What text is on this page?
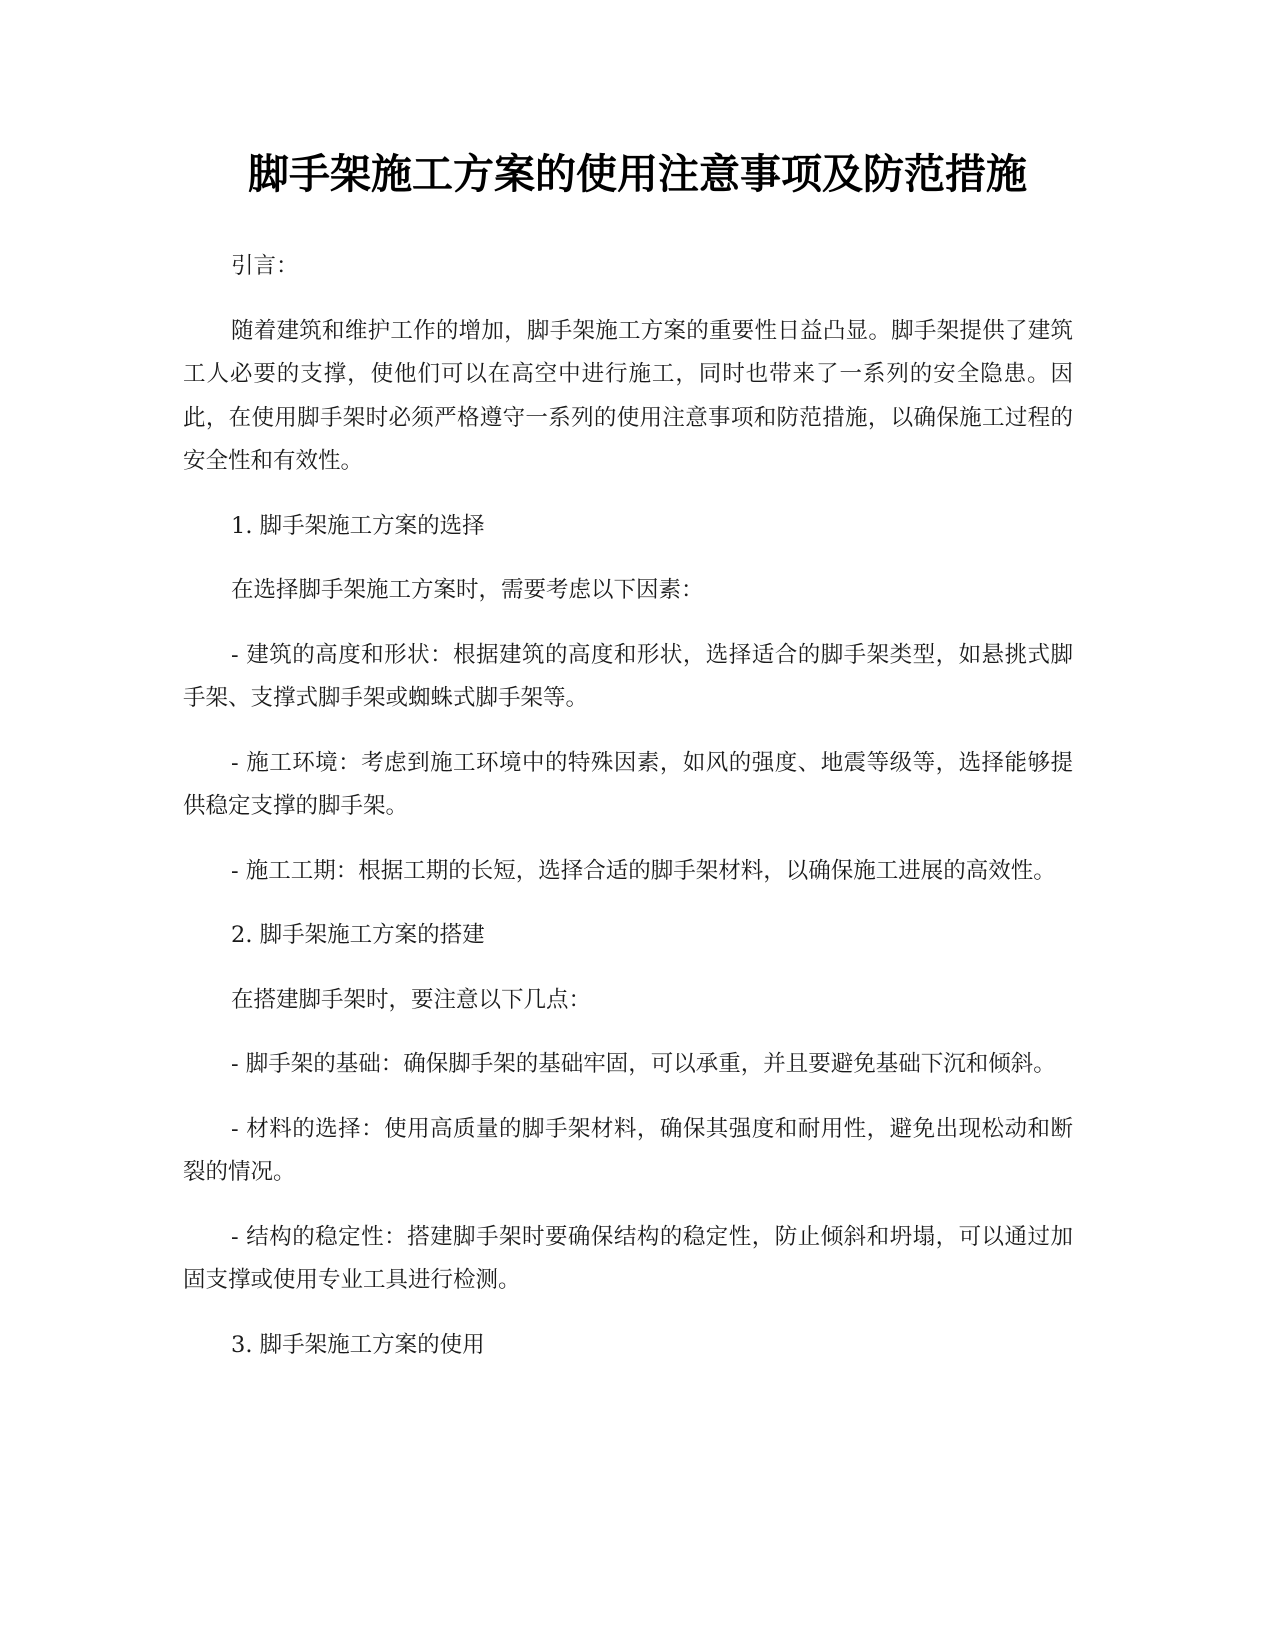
脚手架施工方案的使用注意事项及防范措施

引言：

随着建筑和维护工作的增加，脚手架施工方案的重要性日益凸显。脚手架提供了建筑工人必要的支撑，使他们可以在高空中进行施工，同时也带来了一系列的安全隐患。因此，在使用脚手架时必须严格遵守一系列的使用注意事项和防范措施，以确保施工过程的安全性和有效性。

1. 脚手架施工方案的选择

在选择脚手架施工方案时，需要考虑以下因素：

- 建筑的高度和形状：根据建筑的高度和形状，选择适合的脚手架类型，如悬挑式脚手架、支撑式脚手架或蜘蛛式脚手架等。

- 施工环境：考虑到施工环境中的特殊因素，如风的强度、地震等级等，选择能够提供稳定支撑的脚手架。

- 施工工期：根据工期的长短，选择合适的脚手架材料，以确保施工进展的高效性。

2. 脚手架施工方案的搭建

在搭建脚手架时，要注意以下几点：

- 脚手架的基础：确保脚手架的基础牢固，可以承重，并且要避免基础下沉和倾斜。

- 材料的选择：使用高质量的脚手架材料，确保其强度和耐用性，避免出现松动和断裂的情况。

- 结构的稳定性：搭建脚手架时要确保结构的稳定性，防止倾斜和坍塌，可以通过加固支撑或使用专业工具进行检测。

3. 脚手架施工方案的使用
